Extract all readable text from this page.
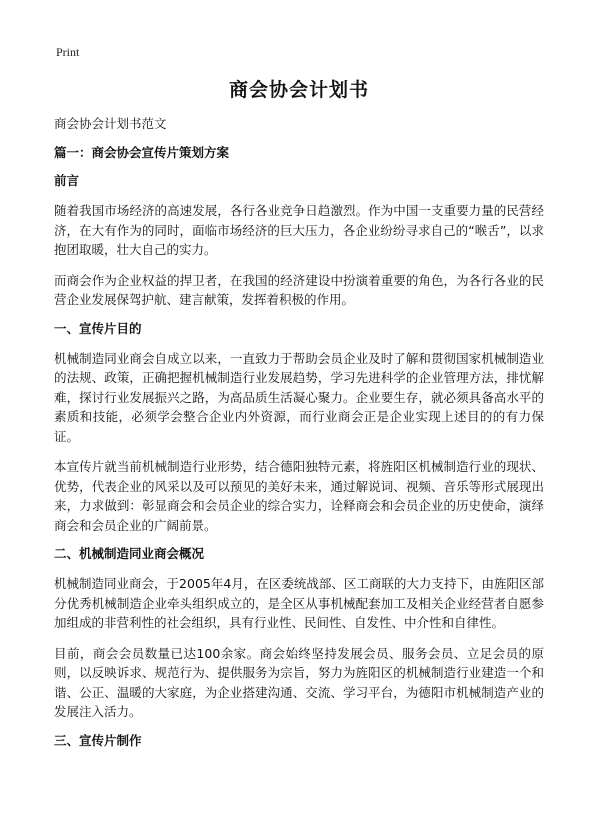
Print
商会协会计划书
商会协会计划书范文
篇一：商会协会宣传片策划方案
前言

随着我国市场经济的高速发展，各行各业竞争日趋激烈。作为中国一支重要力量的民营经济，在大有作为的同时，面临市场经济的巨大压力，各企业纷纷寻求自己的“喉舌”，以求抱团取暖，壮大自己的实力。

而商会作为企业权益的捍卫者，在我国的经济建设中扮演着重要的角色，为各行各业的民营企业发展保驾护航、建言献策，发挥着积极的作用。

一、宣传片目的

机械制造同业商会自成立以来，一直致力于帮助会员企业及时了解和贯彻国家机械制造业的法规、政策，正确把握机械制造行业发展趋势，学习先进科学的企业管理方法，排忧解难，探讨行业发展振兴之路，为高品质生活凝心聚力。企业要生存，就必须具备高水平的素质和技能，必须学会整合企业内外资源，而行业商会正是企业实现上述目的的有力保证。

本宣传片就当前机械制造行业形势，结合德阳独特元素，将旌阳区机械制造行业的现状、优势，代表企业的风采以及可以预见的美好未来，通过解说词、视频、音乐等形式展现出来，力求做到：彰显商会和会员企业的综合实力，诠释商会和会员企业的历史使命，演绎商会和会员企业的广阔前景。

二、机械制造同业商会概况

机械制造同业商会，于2005年4月，在区委统战部、区工商联的大力支持下，由旌阳区部分优秀机械制造企业牵头组织成立的，是全区从事机械配套加工及相关企业经营者自愿参加组成的非营利性的社会组织，具有行业性、民间性、自发性、中介性和自律性。

目前，商会会员数量已达100余家。商会始终坚持发展会员、服务会员、立足会员的原则，以反映诉求、规范行为、提供服务为宗旨，努力为旌阳区的机械制造行业建造一个和谐、公正、温暖的大家庭，为企业搭建沟通、交流、学习平台，为德阳市机械制造产业的发展注入活力。

三、宣传片制作
